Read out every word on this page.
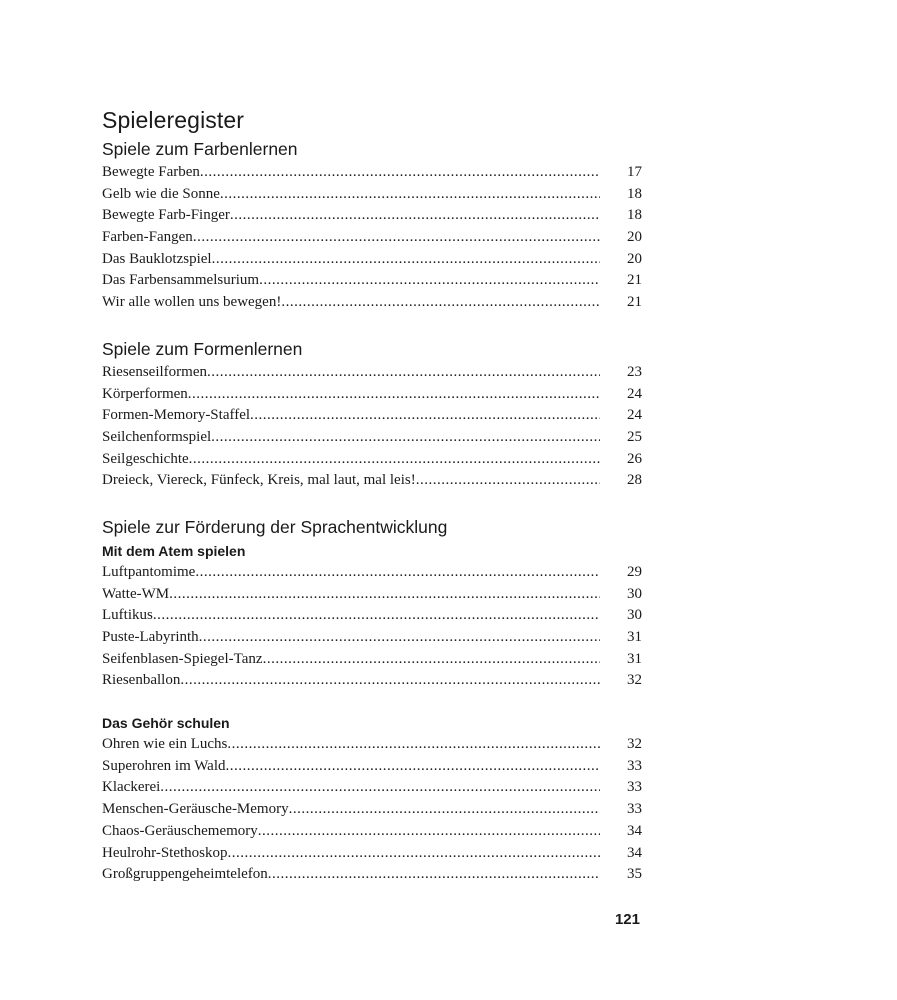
Spieleregister
Spiele zum Farbenlernen
Bewegte Farben .....	17
Gelb wie die Sonne .....	18
Bewegte Farb-Finger .....	18
Farben-Fangen .....	20
Das Bauklotzspiel .....	20
Das Farbensammelsurium .....	21
Wir alle wollen uns bewegen! .....	21
Spiele zum Formenlernen
Riesenseilformen .....	23
Körperformen .....	24
Formen-Memory-Staffel .....	24
Seilchenformspiel .....	25
Seilgeschichte .....	26
Dreieck, Viereck, Fünfeck, Kreis, mal laut, mal leis! .....	28
Spiele zur Förderung der Sprachentwicklung
Mit dem Atem spielen
Luftpantomime .....	29
Watte-WM .....	30
Luftikus .....	30
Puste-Labyrinth .....	31
Seifenblasen-Spiegel-Tanz .....	31
Riesenballon .....	32
Das Gehör schulen
Ohren wie ein Luchs .....	32
Superohren im Wald .....	33
Klackerei .....	33
Menschen-Geräusche-Memory .....	33
Chaos-Geräuschememory .....	34
Heulrohr-Stethoskop .....	34
Großgruppengeheimtelefon .....	35
121
